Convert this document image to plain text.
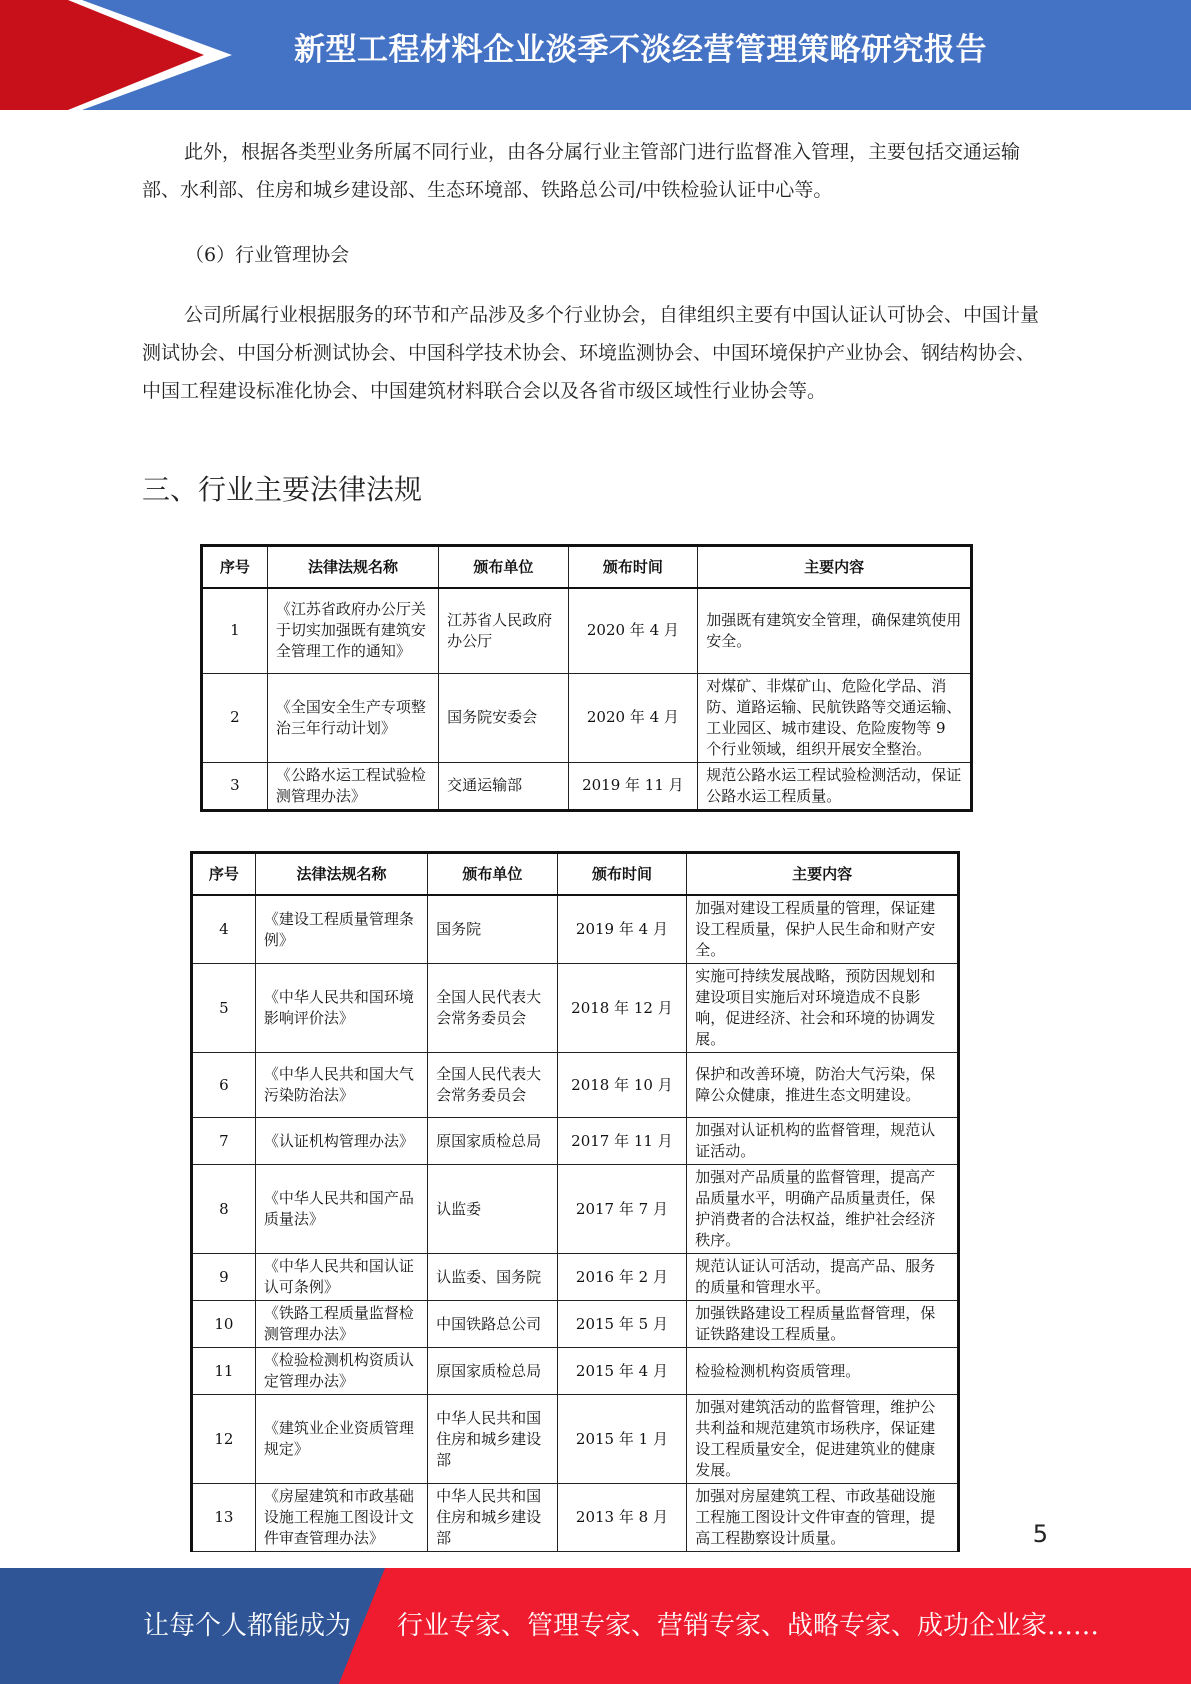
新型工程材料企业淡季不淡经营管理策略研究报告

此外，根据各类型业务所属不同行业，由各分属行业主管部门进行监督准入管理，主要包括交通运输部、水利部、住房和城乡建设部、生态环境部、铁路总公司/中铁检验认证中心等。

（6）行业管理协会

公司所属行业根据服务的环节和产品涉及多个行业协会，自律组织主要有中国认证认可协会、中国计量测试协会、中国分析测试协会、中国科学技术协会、环境监测协会、中国环境保护产业协会、钢结构协会、中国工程建设标准化协会、中国建筑材料联合会以及各省市级区域性行业协会等。

三、行业主要法律法规
序号	法律法规名称	颁布单位	颁布时间	主要内容
1	《江苏省政府办公厅关于切实加强既有建筑安全管理工作的通知》	江苏省人民政府办公厅	2020 年 4 月	加强既有建筑安全管理，确保建筑使用安全。
2	《全国安全生产专项整治三年行动计划》	国务院安委会	2020 年 4 月	对煤矿、非煤矿山、危险化学品、消防、道路运输、民航铁路等交通运输、工业园区、城市建设、危险废物等 9 个行业领域，组织开展安全整治。
3	《公路水运工程试验检测管理办法》	交通运输部	2019 年 11 月	规范公路水运工程试验检测活动，保证公路水运工程质量。
序号	法律法规名称	颁布单位	颁布时间	主要内容
4	《建设工程质量管理条例》	国务院	2019 年 4 月	加强对建设工程质量的管理，保证建设工程质量，保护人民生命和财产安全。
5	《中华人民共和国环境影响评价法》	全国人民代表大会常务委员会	2018 年 12 月	实施可持续发展战略，预防因规划和建设项目实施后对环境造成不良影响，促进经济、社会和环境的协调发展。
6	《中华人民共和国大气污染防治法》	全国人民代表大会常务委员会	2018 年 10 月	保护和改善环境，防治大气污染，保障公众健康，推进生态文明建设。
7	《认证机构管理办法》	原国家质检总局	2017 年 11 月	加强对认证机构的监督管理，规范认证活动。
8	《中华人民共和国产品质量法》	认监委	2017 年 7 月	加强对产品质量的监督管理，提高产品质量水平，明确产品质量责任，保护消费者的合法权益，维护社会经济秩序。
9	《中华人民共和国认证认可条例》	认监委、国务院	2016 年 2 月	规范认证认可活动，提高产品、服务的质量和管理水平。
10	《铁路工程质量监督检测管理办法》	中国铁路总公司	2015 年 5 月	加强铁路建设工程质量监督管理，保证铁路建设工程质量。
11	《检验检测机构资质认定管理办法》	原国家质检总局	2015 年 4 月	检验检测机构资质管理。
12	《建筑业企业资质管理规定》	中华人民共和国住房和城乡建设部	2015 年 1 月	加强对建筑活动的监督管理，维护公共利益和规范建筑市场秩序，保证建设工程质量安全，促进建筑业的健康发展。
13	《房屋建筑和市政基础设施工程施工图设计文件审查管理办法》	中华人民共和国住房和城乡建设部	2013 年 8 月	加强对房屋建筑工程、市政基础设施工程施工图设计文件审查的管理，提高工程勘察设计质量。	5
让每个人都能成为 行业专家、管理专家、营销专家、战略专家、成功企业家……
